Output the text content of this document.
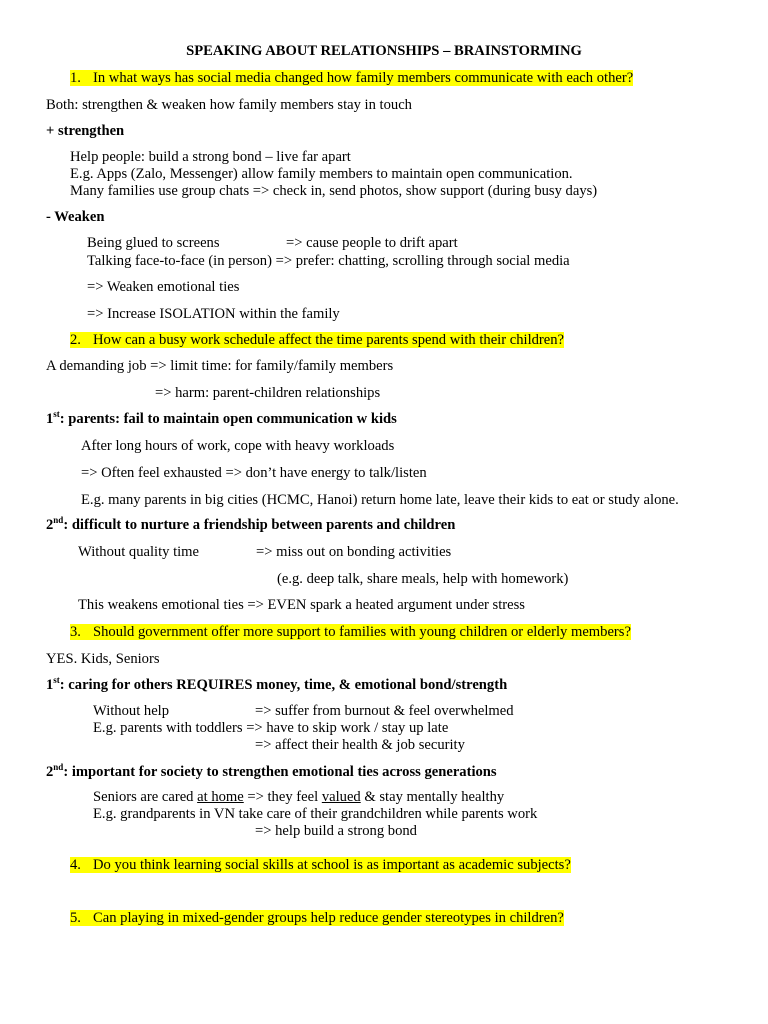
SPEAKING ABOUT RELATIONSHIPS – BRAINSTORMING
1. In what ways has social media changed how family members communicate with each other?
Both: strengthen & weaken how family members stay in touch
+ strengthen
Help people: build a strong bond – live far apart
E.g. Apps (Zalo, Messenger) allow family members to maintain open communication.
Many families use group chats => check in, send photos, show support (during busy days)
- Weaken
Being glued to screens	=> cause people to drift apart
Talking face-to-face (in person) => prefer: chatting, scrolling through social media
=> Weaken emotional ties
=> Increase ISOLATION within the family
2. How can a busy work schedule affect the time parents spend with their children?
A demanding job => limit time: for family/family members
=> harm: parent-children relationships
1st: parents: fail to maintain open communication w kids
After long hours of work, cope with heavy workloads
=> Often feel exhausted => don’t have energy to talk/listen
E.g. many parents in big cities (HCMC, Hanoi) return home late, leave their kids to eat or study alone.
2nd: difficult to nurture a friendship between parents and children
Without quality time	=> miss out on bonding activities
(e.g. deep talk, share meals, help with homework)
This weakens emotional ties => EVEN spark a heated argument under stress
3. Should government offer more support to families with young children or elderly members?
YES. Kids, Seniors
1st: caring for others REQUIRES money, time, & emotional bond/strength
Without help	=> suffer from burnout & feel overwhelmed
E.g. parents with toddlers => have to skip work / stay up late
=> affect their health & job security
2nd: important for society to strengthen emotional ties across generations
Seniors are cared at home => they feel valued & stay mentally healthy
E.g. grandparents in VN take care of their grandchildren while parents work
=> help build a strong bond
4. Do you think learning social skills at school is as important as academic subjects?
5. Can playing in mixed-gender groups help reduce gender stereotypes in children?
